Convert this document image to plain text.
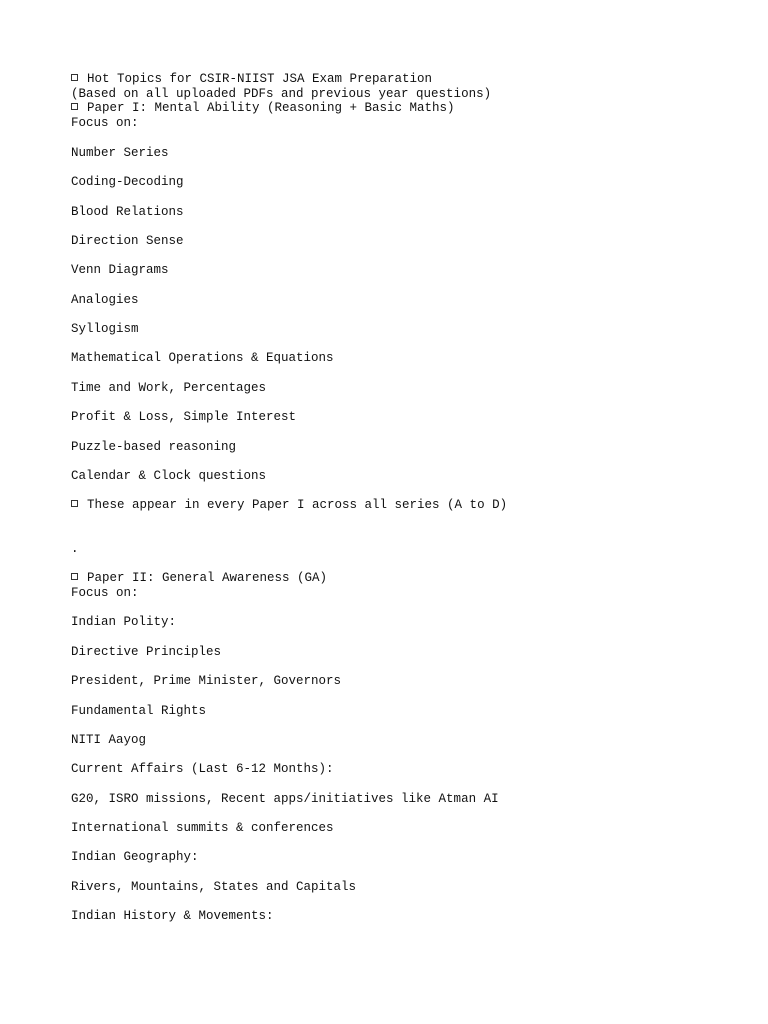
Hot Topics for CSIR-NIIST JSA Exam Preparation
(Based on all uploaded PDFs and previous year questions)
Paper I: Mental Ability (Reasoning + Basic Maths)
Focus on:
Number Series
Coding-Decoding
Blood Relations
Direction Sense
Venn Diagrams
Analogies
Syllogism
Mathematical Operations & Equations
Time and Work, Percentages
Profit & Loss, Simple Interest
Puzzle-based reasoning
Calendar & Clock questions
These appear in every Paper I across all series (A to D)
.
Paper II: General Awareness (GA)
Focus on:
Indian Polity:
Directive Principles
President, Prime Minister, Governors
Fundamental Rights
NITI Aayog
Current Affairs (Last 6-12 Months):
G20, ISRO missions, Recent apps/initiatives like Atman AI
International summits & conferences
Indian Geography:
Rivers, Mountains, States and Capitals
Indian History & Movements:
